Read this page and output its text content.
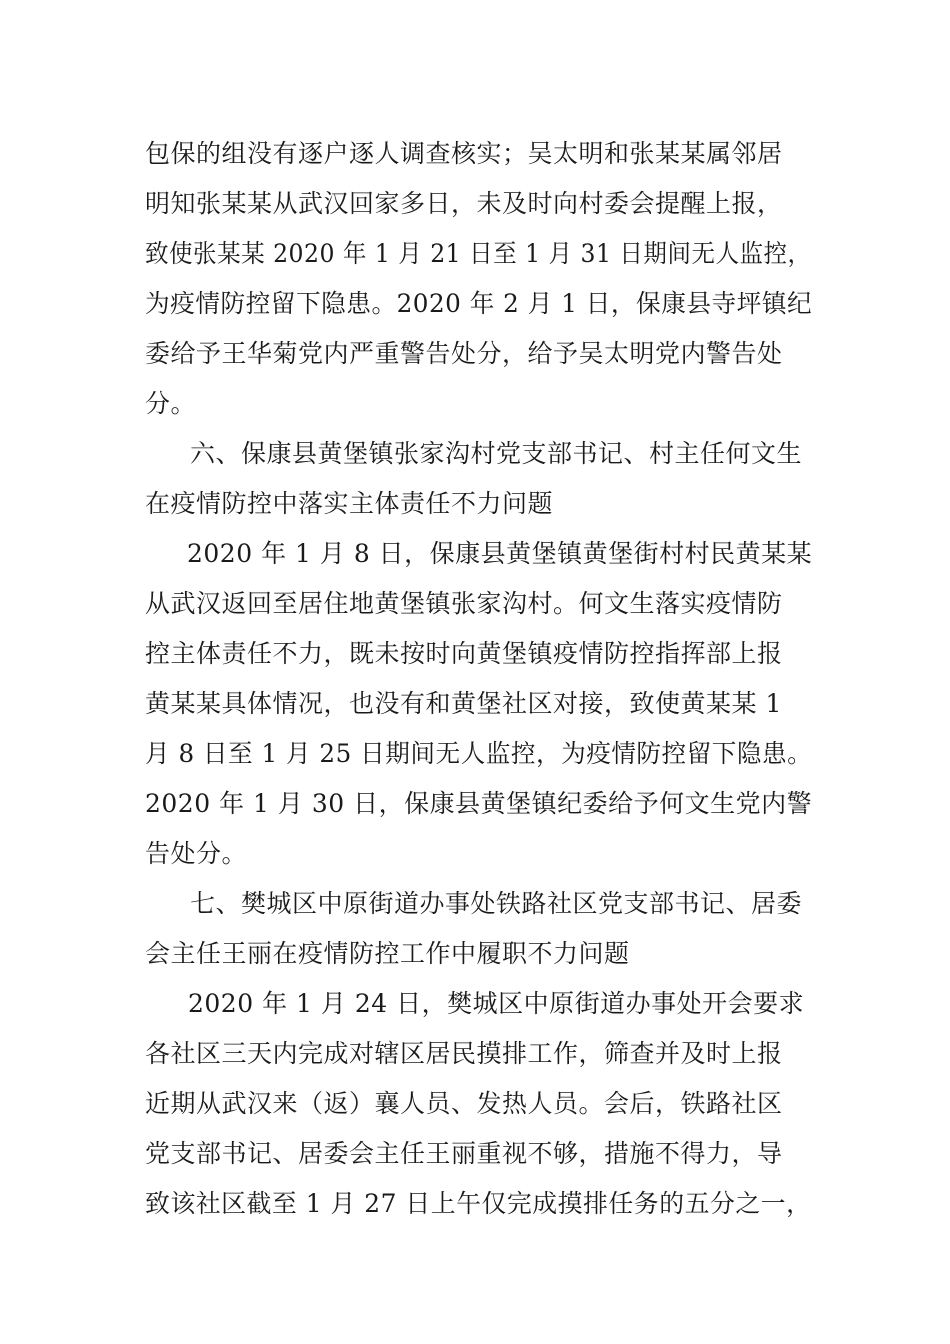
包保的组没有逐户逐人调查核实；吴太明和张某某属邻居
明知张某某从武汉回家多日，未及时向村委会提醒上报，
致使张某某 2020 年 1 月 21 日至 1 月 31 日期间无人监控，
为疫情防控留下隐患。2020 年 2 月 1 日，保康县寺坪镇纪
委给予王华菊党内严重警告处分，给予吴太明党内警告处
分。
六、保康县黄堡镇张家沟村党支部书记、村主任何文生
在疫情防控中落实主体责任不力问题
2020 年 1 月 8 日，保康县黄堡镇黄堡街村村民黄某某
从武汉返回至居住地黄堡镇张家沟村。何文生落实疫情防
控主体责任不力，既未按时向黄堡镇疫情防控指挥部上报
黄某某具体情况，也没有和黄堡社区对接，致使黄某某 1
月 8 日至 1 月 25 日期间无人监控，为疫情防控留下隐患。
2020 年 1 月 30 日，保康县黄堡镇纪委给予何文生党内警
告处分。
七、樊城区中原街道办事处铁路社区党支部书记、居委
会主任王丽在疫情防控工作中履职不力问题
2020 年 1 月 24 日，樊城区中原街道办事处开会要求
各社区三天内完成对辖区居民摸排工作，筛查并及时上报
近期从武汉来（返）襄人员、发热人员。会后，铁路社区
党支部书记、居委会主任王丽重视不够，措施不得力，导
致该社区截至 1 月 27 日上午仅完成摸排任务的五分之一，
